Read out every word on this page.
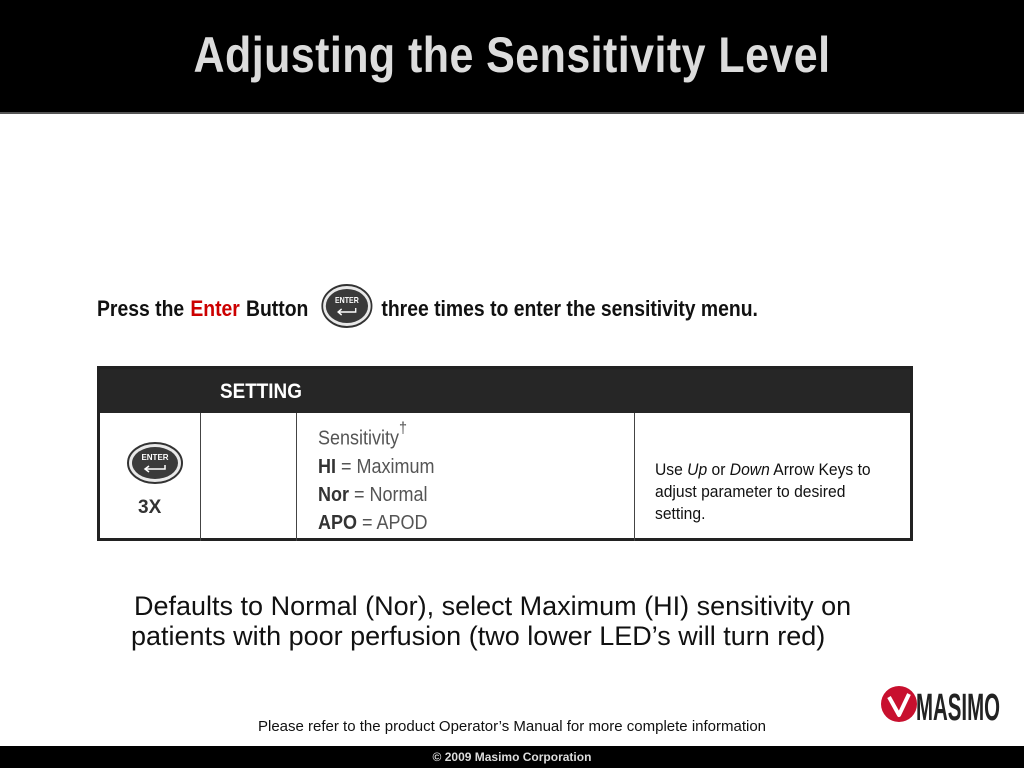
Adjusting the Sensitivity Level
Press the Enter Button	ENTER three times to enter the sensitivity menu.
SETTING
ENTER
3X
Sensitivity†
HI = Maximum
Nor = Normal
APO = APOD
Use Up or Down Arrow Keys to adjust parameter to desired setting.
Defaults to Normal (Nor), select Maximum (HI) sensitivity on patients with poor perfusion (two lower LED’s will turn red)
MASIMO
Please refer to the product Operator’s Manual for more complete information
© 2009 Masimo Corporation
